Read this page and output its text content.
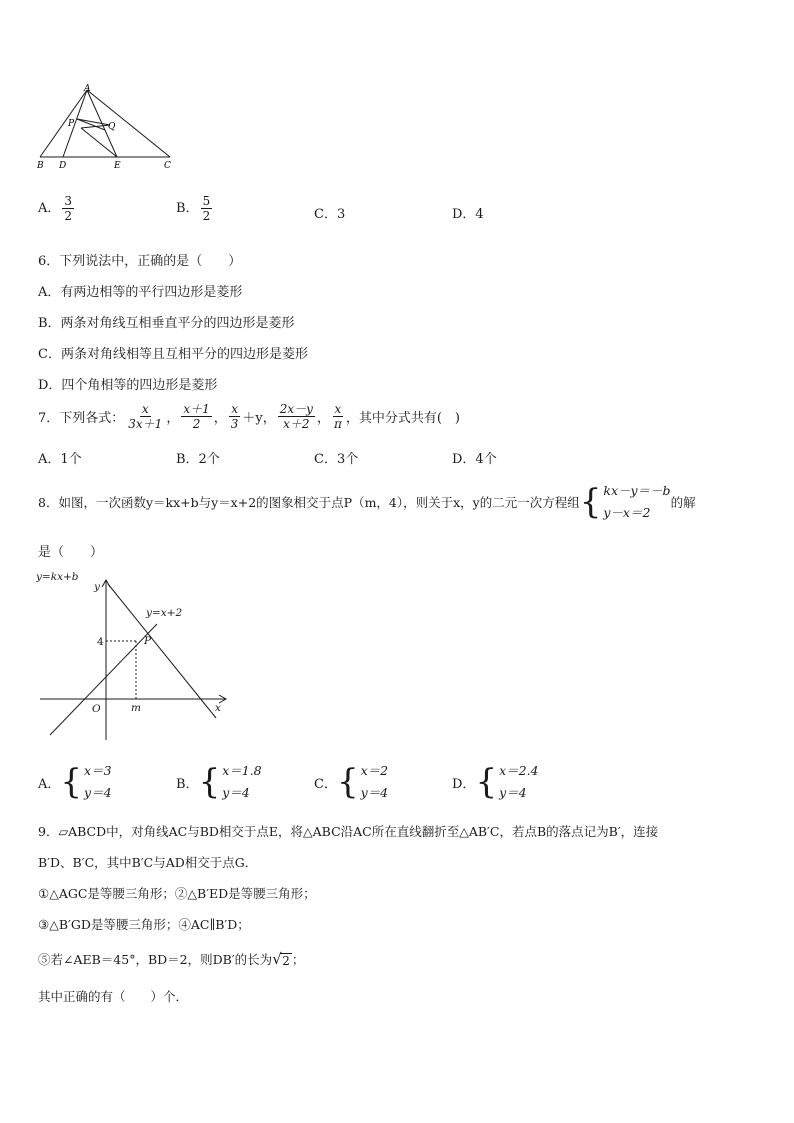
A
P	Q
B D	E	C
A． $\frac{3}{2}$	B． $\frac{5}{2}$	C．3	D．4
6．下列说法中，正确的是（　　）
A．有两边相等的平行四边形是菱形
B．两条对角线互相垂直平分的四边形是菱形
C．两条对角线相等且互相平分的四边形是菱形
D．四个角相等的四边形是菱形
7．下列各式： $\frac{x}{3x+1}$ ， $\frac{x+1}{2}$ ， $\frac{x}{3} +y$， $\frac{2x-y}{x+2}$ ， $\frac{x}{\pi}$ ，其中分式共有(　)
A．1个	B．2个	C．3个	D．4个
8．如图，一次函数y＝kx+b与y＝x+2的图象相交于点P（m，4），则关于x，y的二元一次方程组 { kx－y＝－b
y－x＝2
的解
是（　　）
y=kx+b
y=x+2
y
x
O	m
P
4
A． { x＝3
y＝4
B． { x＝1.8
y＝4
C． { x＝2
y＝4
D． { x＝2.4
y＝4
9．▱ABCD中，对角线AC与BD相交于点E，将△ABC沿AC所在直线翻折至△AB′C，若点B的落点记为B′，连接
B′D、B′C，其中B′C与AD相交于点G．
①△AGC是等腰三角形；②△B′ED是等腰三角形；
③△B′GD是等腰三角形；④AC∥B′D；
⑤若∠AEB＝45°，BD＝2，则DB′的长为 √ 2 ；
其中正确的有（　　）个．
